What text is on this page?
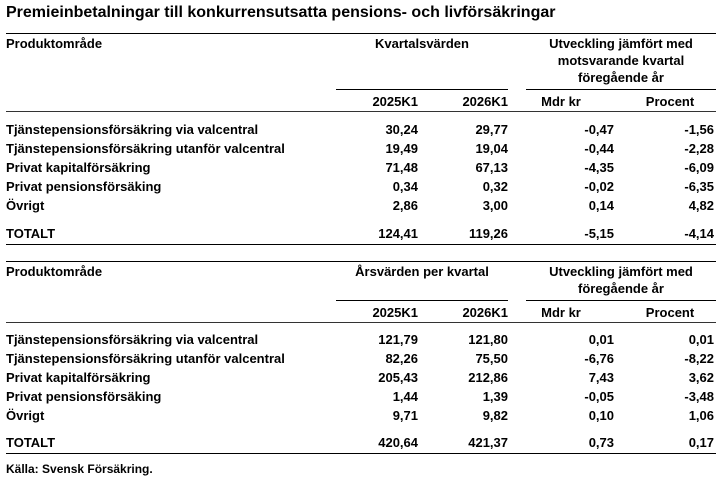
Premieinbetalningar till konkurrensutsatta pensions- och livförsäkringar
Produktområde	Kvartalsvärden	Utveckling jämfört med
motsvarande kvartal
föregående år
2025K1	2026K1	Mdr kr	Procent
Tjänstepensionsförsäkring via valcentral	30,24	29,77	-0,47	-1,56
Tjänstepensionsförsäkring utanför valcentral	19,49	19,04	-0,44	-2,28
Privat kapitalförsäkring	71,48	67,13	-4,35	-6,09
Privat pensionsförsäking	0,34	0,32	-0,02	-6,35
Övrigt	2,86	3,00	0,14	4,82
TOTALT	124,41	119,26	-5,15	-4,14
Produktområde	Årsvärden per kvartal	Utveckling jämfört med
föregående år
2025K1	2026K1	Mdr kr	Procent
Tjänstepensionsförsäkring via valcentral	121,79	121,80	0,01	0,01
Tjänstepensionsförsäkring utanför valcentral	82,26	75,50	-6,76	-8,22
Privat kapitalförsäkring	205,43	212,86	7,43	3,62
Privat pensionsförsäking	1,44	1,39	-0,05	-3,48
Övrigt	9,71	9,82	0,10	1,06
TOTALT	420,64	421,37	0,73	0,17
Källa: Svensk Försäkring.
